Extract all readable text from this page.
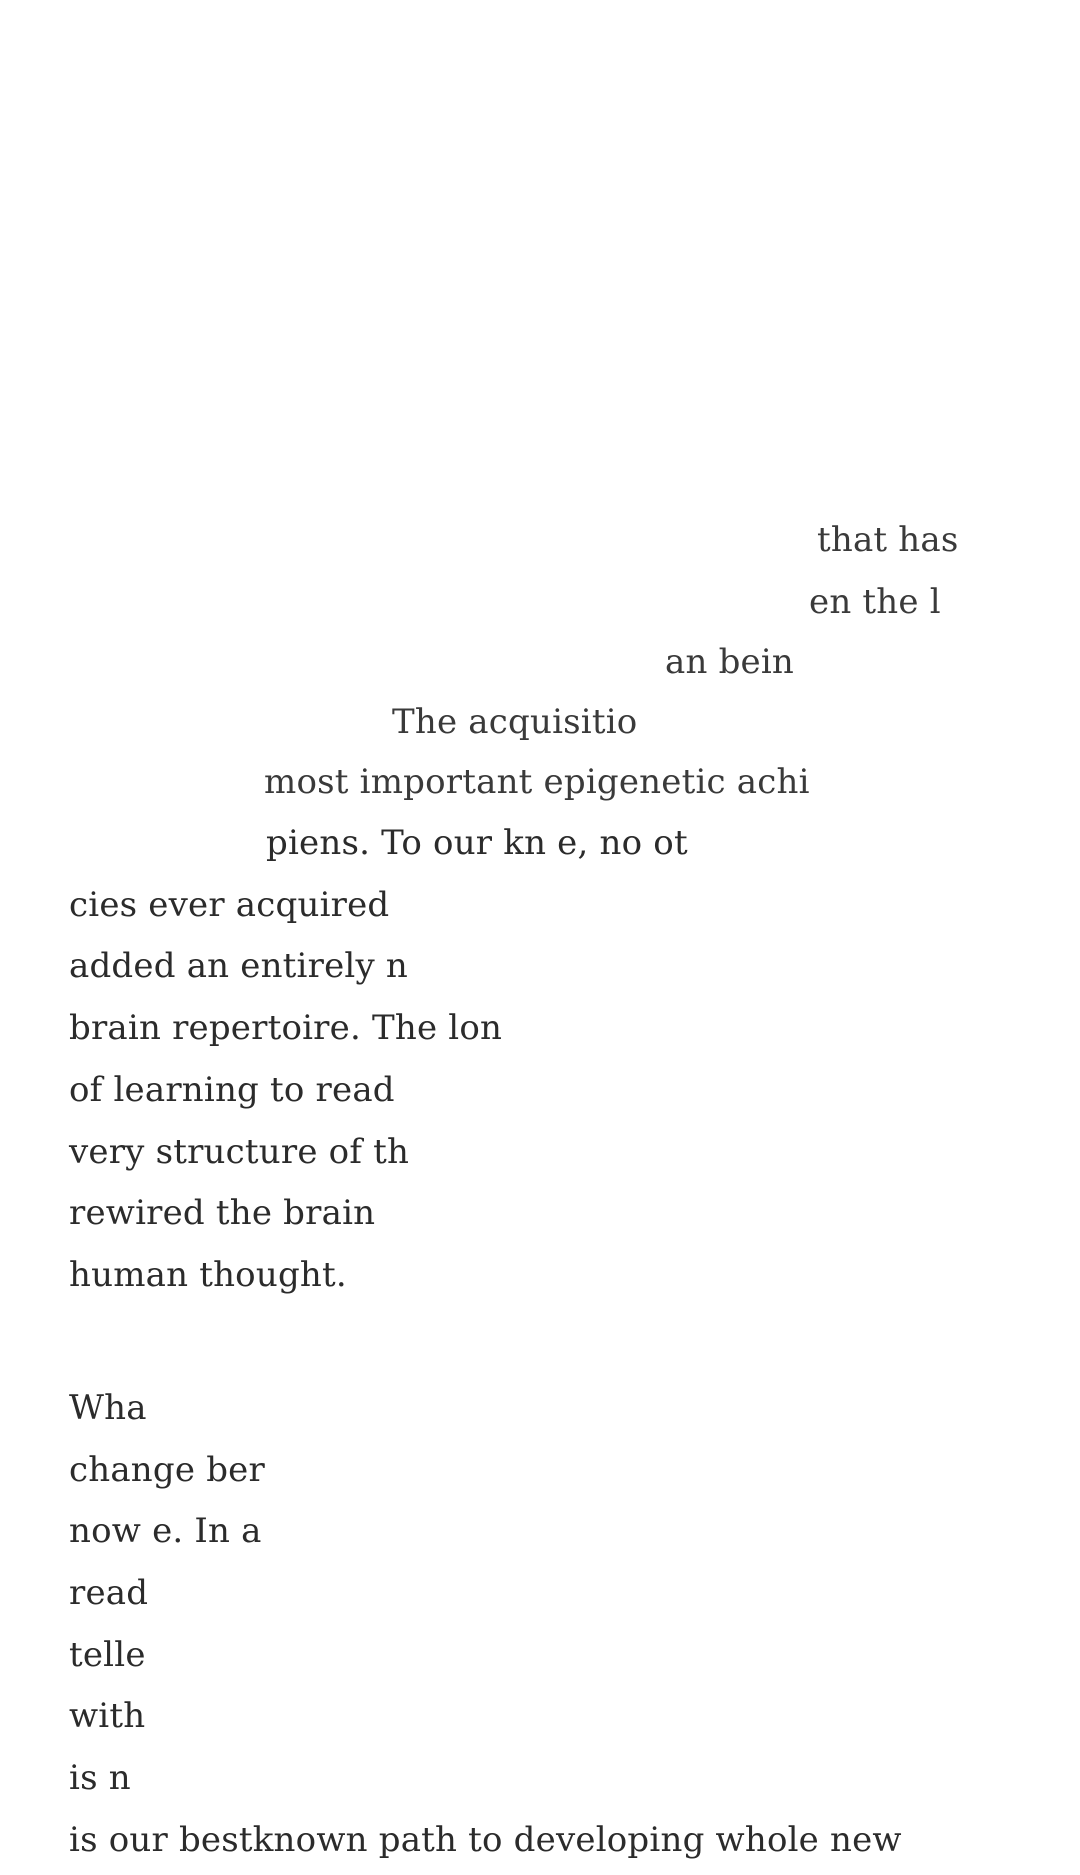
that has
en the l
an bein
The acquisitio
most important epigenetic achi
piens. To our kn e, no ot
cies ever acquired
added an entirely n
brain repertoire. The lon
of learning to read
very structure of th
rewired the brain
human thought.
Wha
change ber
now e. In a
read
telle
with
is n
is our bestknown path to developing whole new
